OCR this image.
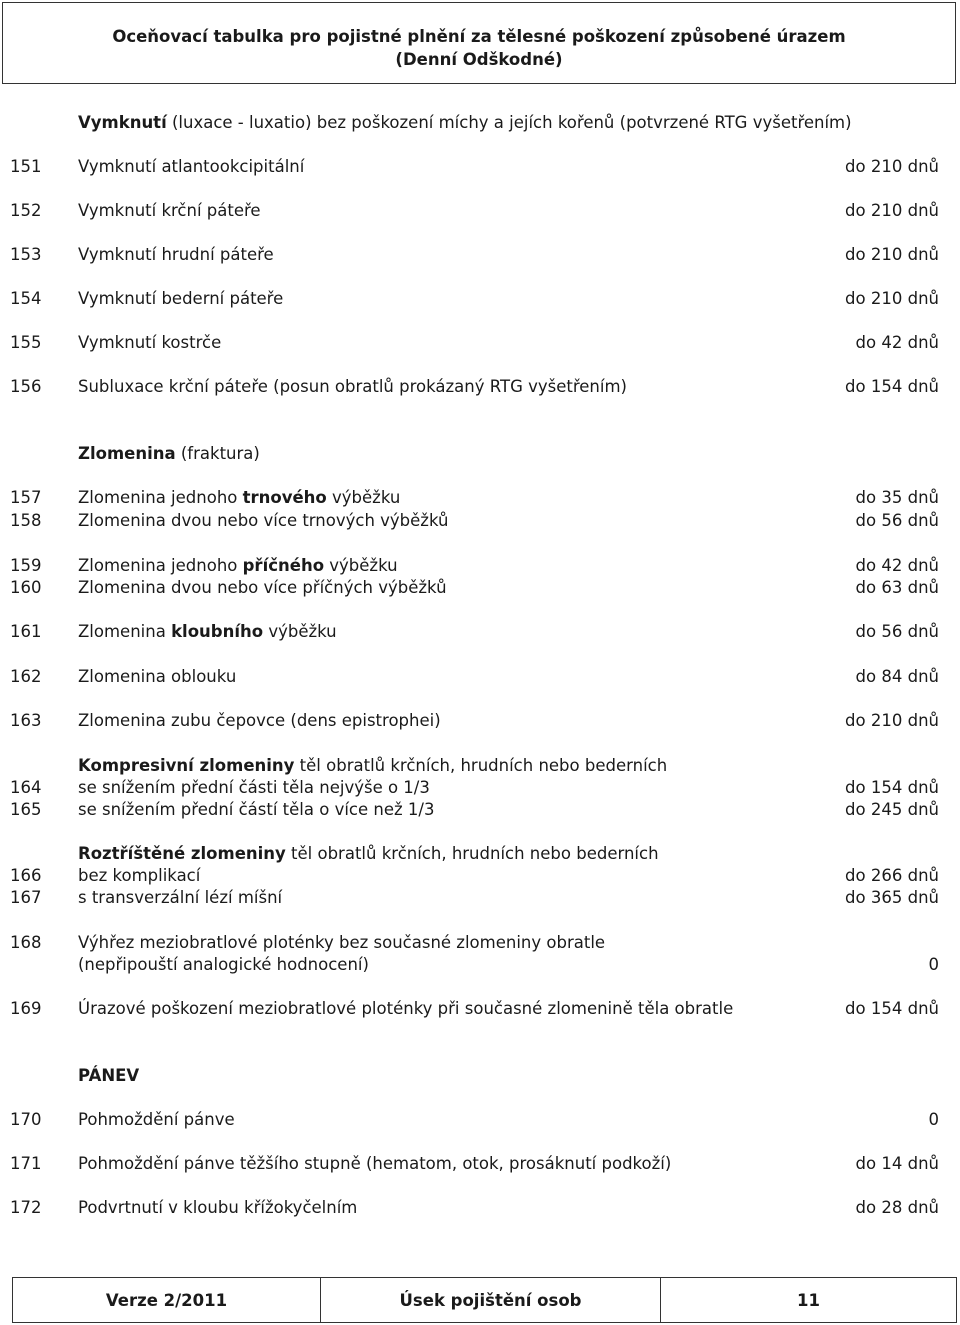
Oceňovací tabulka pro pojistné plnění za tělesné poškození způsobené úrazem
(Denní Odškodné)
Vymknutí (luxace - luxatio) bez poškození míchy a jejích kořenů (potvrzené RTG vyšetřením)
151 Vymknutí atlantookcipitální	do 210 dnů
152 Vymknutí krční páteře	do 210 dnů
153 Vymknutí hrudní páteře	do 210 dnů
154 Vymknutí bederní páteře	do 210 dnů
155 Vymknutí kostrče	do 42 dnů
156 Subluxace krční páteře (posun obratlů prokázaný RTG vyšetřením)	do 154 dnů
Zlomenina (fraktura)
157 Zlomenina jednoho trnového výběžku	do 35 dnů
158 Zlomenina dvou nebo více trnových výběžků	do 56 dnů
159 Zlomenina jednoho příčného výběžku	do 42 dnů
160 Zlomenina dvou nebo více příčných výběžků	do 63 dnů
161 Zlomenina kloubního výběžku	do 56 dnů
162 Zlomenina oblouku	do 84 dnů
163 Zlomenina zubu čepovce (dens epistrophei)	do 210 dnů
Kompresivní zlomeniny těl obratlů krčních, hrudních nebo bederních
164 se snížením přední části těla nejvýše o 1/3	do 154 dnů
165 se snížením přední částí těla o více než 1/3	do 245 dnů
Roztříštěné zlomeniny těl obratlů krčních, hrudních nebo bederních
166 bez komplikací	do 266 dnů
167 s transverzální lézí míšní	do 365 dnů
168 Výhřez meziobratlové ploténky bez současné zlomeniny obratle
(nepřipouští analogické hodnocení)	0
169 Úrazové poškození meziobratlové ploténky při současné zlomenině těla obratle	do 154 dnů
PÁNEV
170 Pohmoždění pánve	0
171 Pohmoždění pánve těžšího stupně (hematom, otok, prosáknutí podkoží)	do 14 dnů
172 Podvrtnutí v kloubu křížokyčelním	do 28 dnů
Verze 2/2011	Úsek pojištění osob	11
